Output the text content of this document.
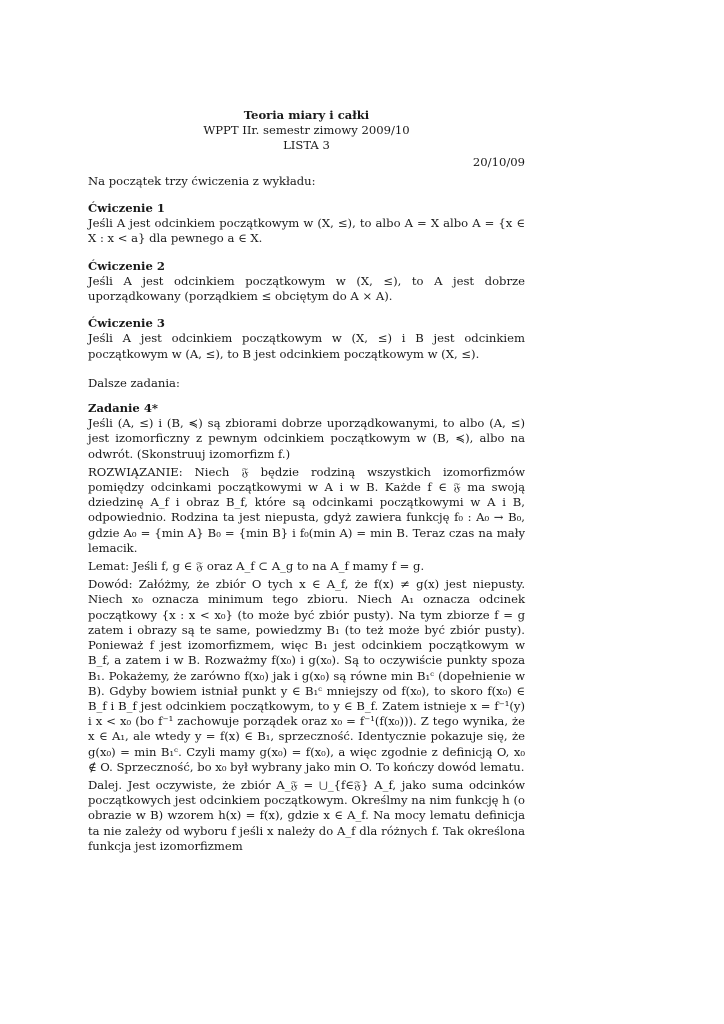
Teoria miary i całki
WPPT IIr. semestr zimowy 2009/10
LISTA 3
20/10/09
Na początek trzy ćwiczenia z wykładu:
Ćwiczenie 1

Jeśli A jest odcinkiem początkowym w (X, ≤), to albo A = X albo A = {x ∈ X : x < a} dla pewnego a ∈ X.

Ćwiczenie 2

Jeśli A jest odcinkiem początkowym w (X, ≤), to A jest dobrze uporządkowany (porządkiem ≤ obciętym do A × A).

Ćwiczenie 3

Jeśli A jest odcinkiem początkowym w (X, ≤) i B jest odcinkiem początkowym w (A, ≤), to B jest odcinkiem początkowym w (X, ≤).

Dalsze zadania:
Zadanie 4*

Jeśli (A, ≤) i (B, ≼) są zbiorami dobrze uporządkowanymi, to albo (A, ≤) jest izomorficzny z pewnym odcinkiem początkowym w (B, ≼), albo na odwrót. (Skonstruuj izomorfizm f.)

ROZWIĄZANIE: Niech 𝔉 będzie rodziną wszystkich izomorfizmów pomiędzy odcinkami początkowymi w A i w B. Każde f ∈ 𝔉 ma swoją dziedzinę A_f i obraz B_f, które są odcinkami początkowymi w A i B, odpowiednio. Rodzina ta jest niepusta, gdyż zawiera funkcję f₀ : A₀ → B₀, gdzie A₀ = {min A} B₀ = {min B} i f₀(min A) = min B. Teraz czas na mały lemacik.

Lemat: Jeśli f, g ∈ 𝔉 oraz A_f ⊂ A_g to na A_f mamy f = g.

Dowód: Załóżmy, że zbiór O tych x ∈ A_f, że f(x) ≠ g(x) jest niepusty. Niech x₀ oznacza minimum tego zbioru. Niech A₁ oznacza odcinek początkowy {x : x < x₀} (to może być zbiór pusty). Na tym zbiorze f = g zatem i obrazy są te same, powiedzmy B₁ (to też może być zbiór pusty). Ponieważ f jest izomorfizmem, więc B₁ jest odcinkiem początkowym w B_f, a zatem i w B. Rozważmy f(x₀) i g(x₀). Są to oczywiście punkty spoza B₁. Pokażemy, że zarówno f(x₀) jak i g(x₀) są równe min B₁ᶜ (dopełnienie w B). Gdyby bowiem istniał punkt y ∈ B₁ᶜ mniejszy od f(x₀), to skoro f(x₀) ∈ B_f i B_f jest odcinkiem początkowym, to y ∈ B_f. Zatem istnieje x = f⁻¹(y) i x < x₀ (bo f⁻¹ zachowuje porządek oraz x₀ = f⁻¹(f(x₀))). Z tego wynika, że x ∈ A₁, ale wtedy y = f(x) ∈ B₁, sprzeczność. Identycznie pokazuje się, że g(x₀) = min B₁ᶜ. Czyli mamy g(x₀) = f(x₀), a więc zgodnie z definicją O, x₀ ∉ O. Sprzeczność, bo x₀ był wybrany jako min O. To kończy dowód lematu.

Dalej. Jest oczywiste, że zbiór A_𝔉 = ⋃_{f∈𝔉} A_f, jako suma odcinków początkowych jest odcinkiem początkowym. Określmy na nim funkcję h (o obrazie w B) wzorem h(x) = f(x), gdzie x ∈ A_f. Na mocy lematu definicja ta nie zależy od wyboru f jeśli x należy do A_f dla różnych f. Tak określona funkcja jest izomorfizmem
